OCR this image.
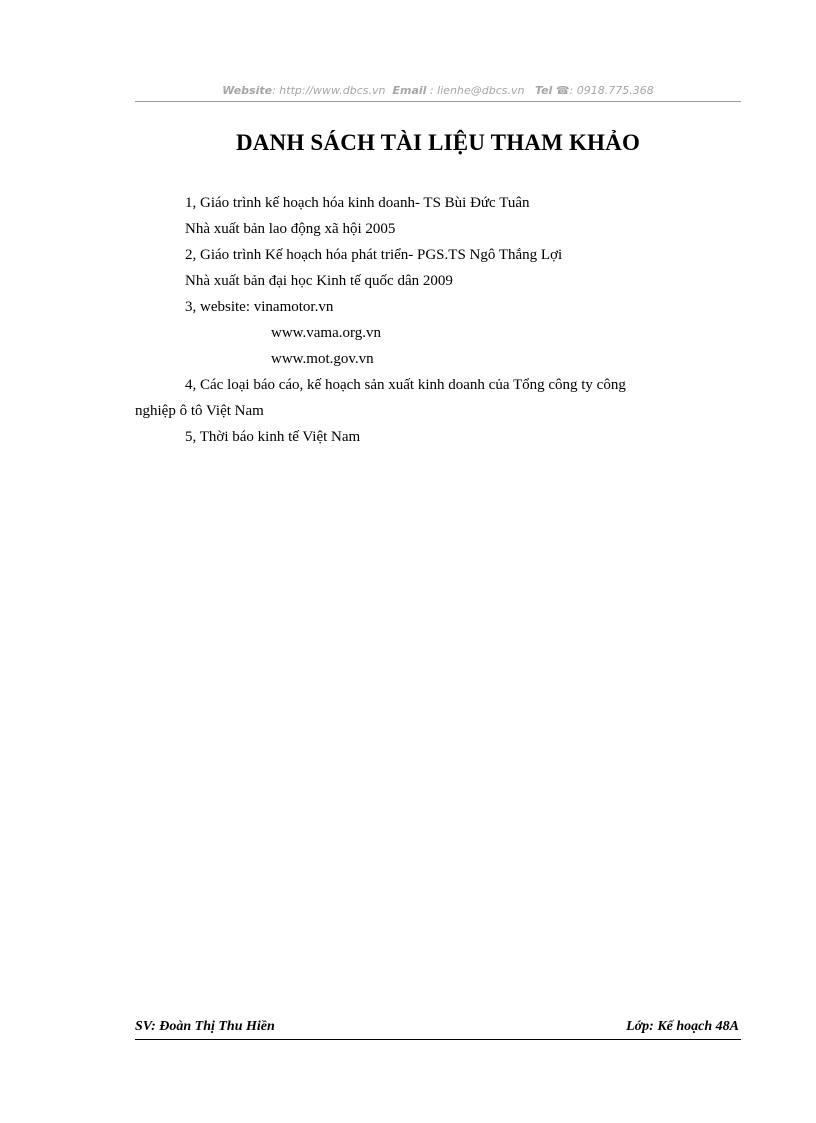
Website: http://www.dbcs.vn Email : lienhe@dbcs.vn Tel ☎: 0918.775.368
DANH SÁCH TÀI LIỆU THAM KHẢO
1, Giáo trình kế hoạch hóa kinh doanh- TS Bùi Đức Tuân
Nhà xuất bản lao động xã hội 2005
2, Giáo trình Kế hoạch hóa phát triển- PGS.TS Ngô Thắng Lợi
Nhà xuất bản đại học Kinh tế quốc dân 2009
3, website: vinamotor.vn
www.vama.org.vn
www.mot.gov.vn
4, Các loại báo cáo, kế hoạch sản xuất kinh doanh của Tổng công ty công
nghiệp ô tô Việt Nam
5, Thời báo kinh tế Việt Nam
SV: Đoàn Thị Thu Hiền	Lớp: Kế hoạch 48A
